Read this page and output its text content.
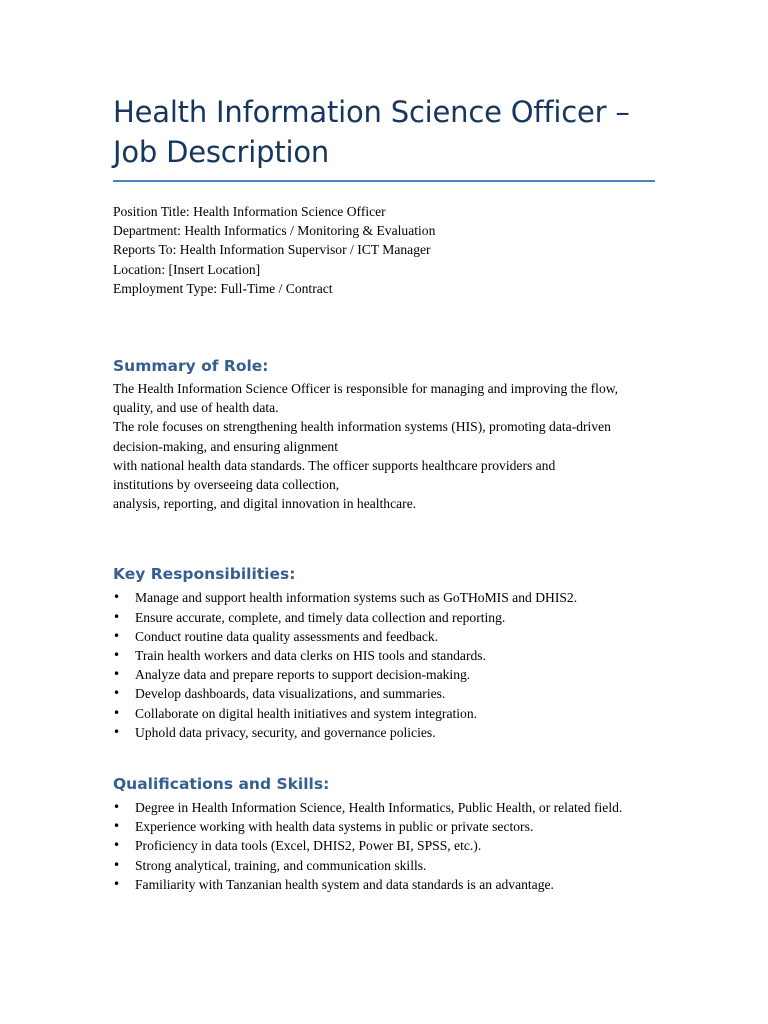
Health Information Science Officer –
Job Description
Position Title: Health Information Science Officer
Department: Health Informatics / Monitoring & Evaluation
Reports To: Health Information Supervisor / ICT Manager
Location: [Insert Location]
Employment Type: Full-Time / Contract
Summary of Role:
The Health Information Science Officer is responsible for managing and improving the flow,
quality, and use of health data.
The role focuses on strengthening health information systems (HIS), promoting data-driven
decision-making, and ensuring alignment
with national health data standards. The officer supports healthcare providers and
institutions by overseeing data collection,
analysis, reporting, and digital innovation in healthcare.
Key Responsibilities:
• Manage and support health information systems such as GoTHoMIS and DHIS2.
• Ensure accurate, complete, and timely data collection and reporting.
• Conduct routine data quality assessments and feedback.
• Train health workers and data clerks on HIS tools and standards.
• Analyze data and prepare reports to support decision-making.
• Develop dashboards, data visualizations, and summaries.
• Collaborate on digital health initiatives and system integration.
• Uphold data privacy, security, and governance policies.
Qualifications and Skills:
• Degree in Health Information Science, Health Informatics, Public Health, or related field.
• Experience working with health data systems in public or private sectors.
• Proficiency in data tools (Excel, DHIS2, Power BI, SPSS, etc.).
• Strong analytical, training, and communication skills.
• Familiarity with Tanzanian health system and data standards is an advantage.
